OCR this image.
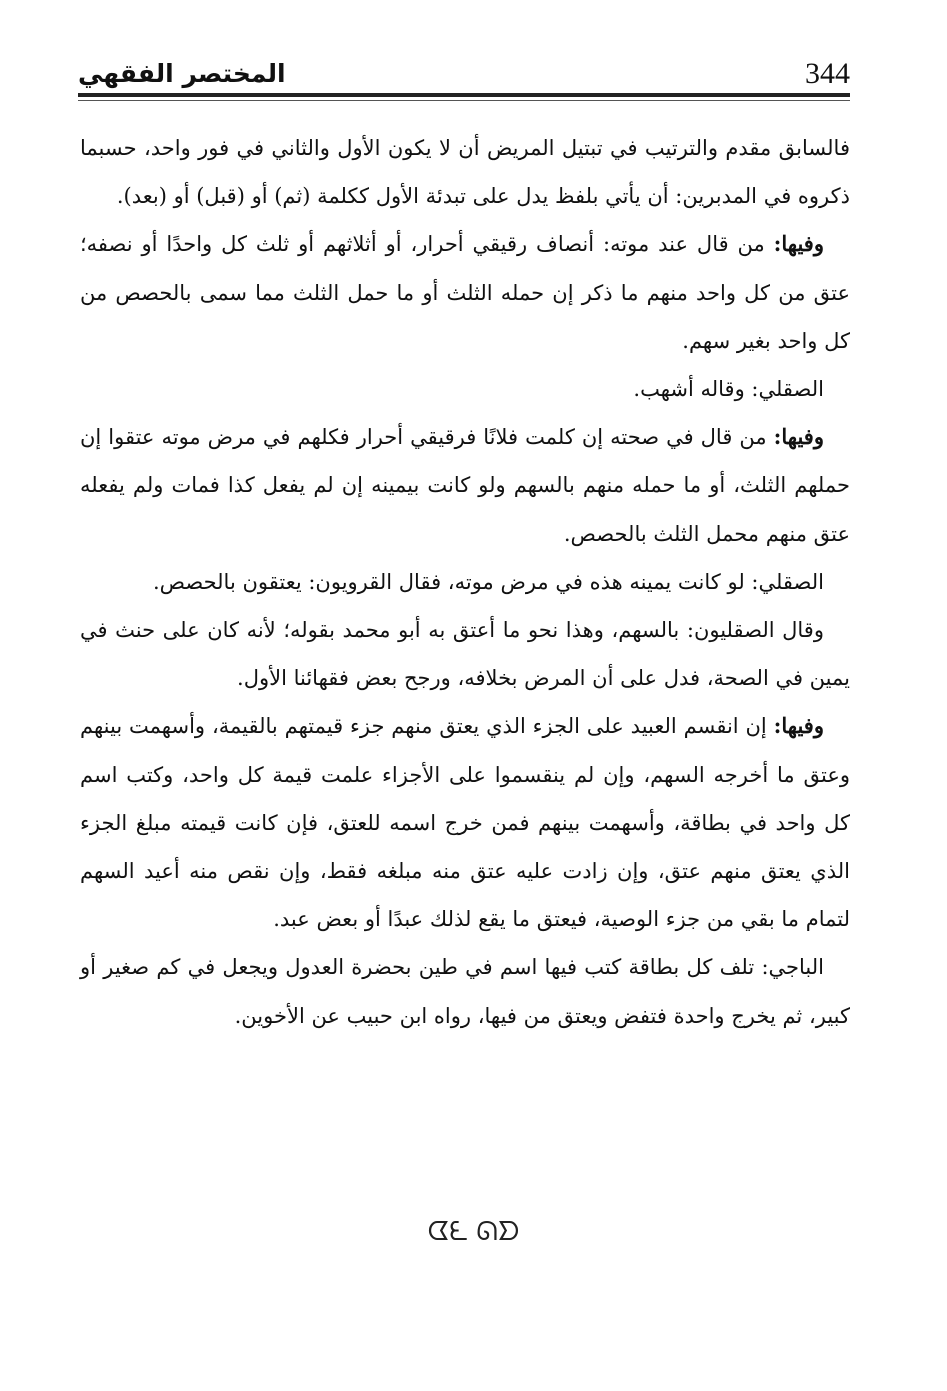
344
المختصر الفقهي

فالسابق مقدم والترتيب في تبتيل المريض أن لا يكون الأول والثاني في فور واحد، حسبما ذكروه في المدبرين: أن يأتي بلفظ يدل على تبدئة الأول ككلمة (ثم) أو (قبل) أو (بعد).

وفيها: من قال عند موته: أنصاف رقيقي أحرار، أو أثلاثهم أو ثلث كل واحدًا أو نصفه؛ عتق من كل واحد منهم ما ذكر إن حمله الثلث أو ما حمل الثلث مما سمى بالحصص من كل واحد بغير سهم.

الصقلي: وقاله أشهب.

وفيها: من قال في صحته إن كلمت فلانًا فرقيقي أحرار فكلهم في مرض موته عتقوا إن حملهم الثلث، أو ما حمله منهم بالسهم ولو كانت بيمينه إن لم يفعل كذا فمات ولم يفعله عتق منهم محمل الثلث بالحصص.

الصقلي: لو كانت يمينه هذه في مرض موته، فقال القرويون: يعتقون بالحصص.

وقال الصقليون: بالسهم، وهذا نحو ما أعتق به أبو محمد بقوله؛ لأنه كان على حنث في يمين في الصحة، فدل على أن المرض بخلافه، ورجح بعض فقهائنا الأول.

وفيها: إن انقسم العبيد على الجزء الذي يعتق منهم جزء قيمتهم بالقيمة، وأسهمت بينهم وعتق ما أخرجه السهم، وإن لم ينقسموا على الأجزاء علمت قيمة كل واحد، وكتب اسم كل واحد في بطاقة، وأسهمت بينهم فمن خرج اسمه للعتق، فإن كانت قيمته مبلغ الجزء الذي يعتق منهم عتق، وإن زادت عليه عتق منه مبلغه فقط، وإن نقص منه أعيد السهم لتمام ما بقي من جزء الوصية، فيعتق ما يقع لذلك عبدًا أو بعض عبد.

الباجي: تلف كل بطاقة كتب فيها اسم في طين بحضرة العدول ويجعل في كم صغير أو كبير، ثم يخرج واحدة فتفض ويعتق من فيها، رواه ابن حبيب عن الأخوين.

ᗧᘍ ᘏᗤ
